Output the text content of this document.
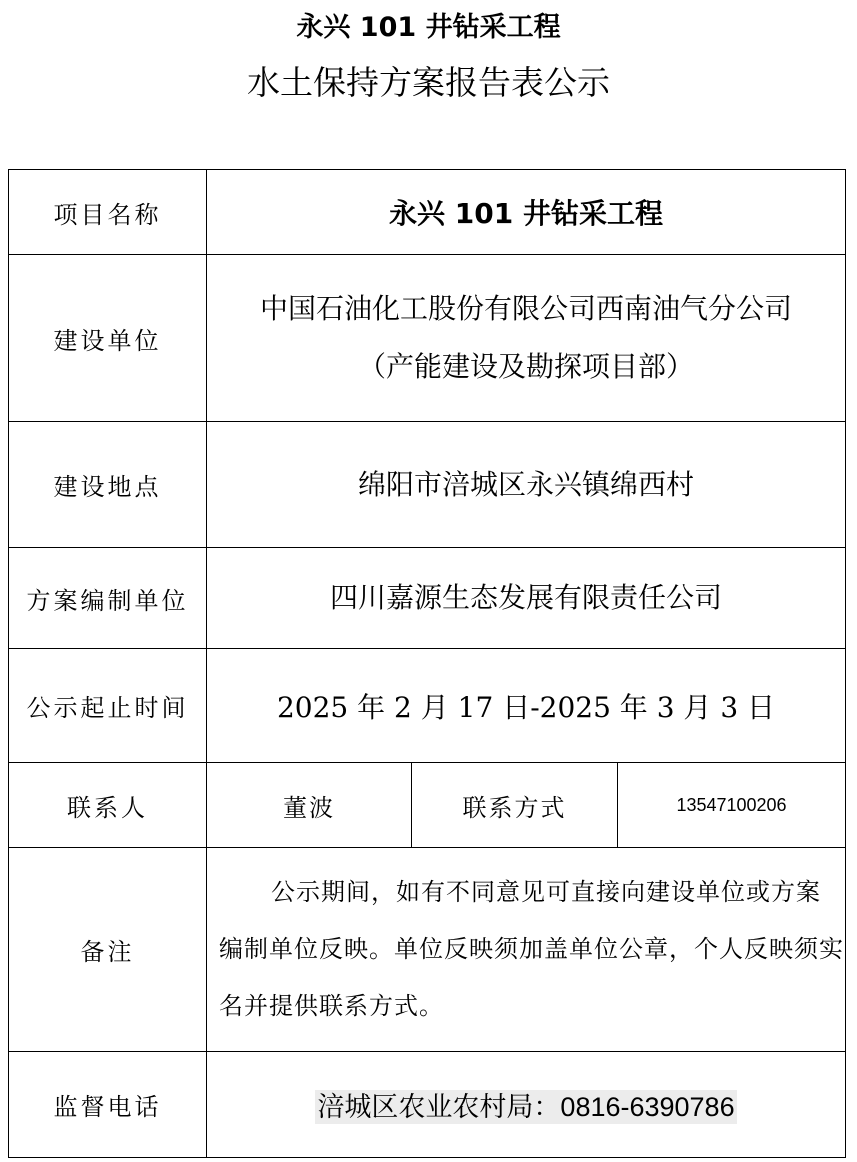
永兴 101 井钻采工程
水土保持方案报告表公示
项目名称	永兴 101 井钻采工程		
建设单位	中国石油化工股份有限公司西南油气分公司
（产能建设及勘探项目部）		

建设地点	绵阳市涪城区永兴镇绵西村		
方案编制单位	四川嘉源生态发展有限责任公司		
公示起止时间	2025 年 2 月 17 日-2025 年 3 月 3 日		
联系人	董波	联系方式	13547100206
备注	公示期间，如有不同意见可直接向建设单位或方案编制单位反映。单位反映须加盖单位公章，个人反映须实名并提供联系方式。		
监督电话	涪城区农业农村局：0816-6390786		
